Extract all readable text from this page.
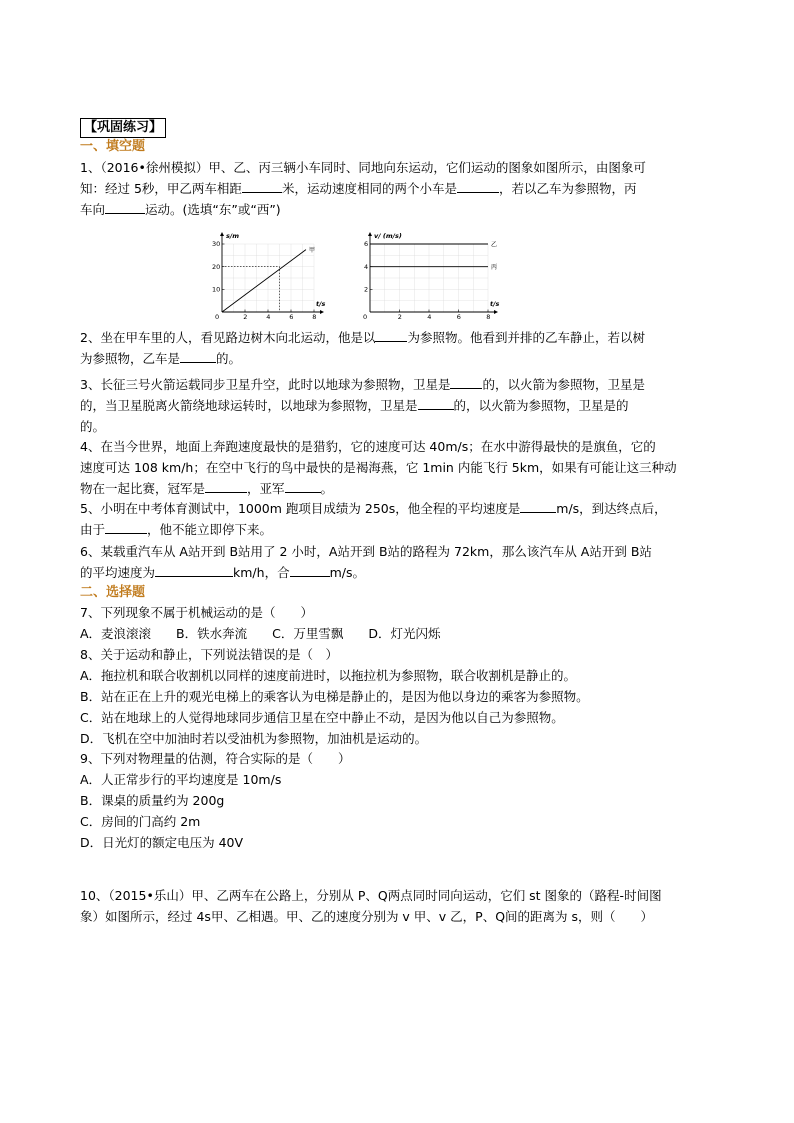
【巩固练习】
一、填空题
1、（2016•徐州模拟）甲、乙、丙三辆小车同时、同地向东运动，它们运动的图象如图所示，由图象可
知：经过 5秒，甲乙两车相距	米，运动速度相同的两个小车是	，若以乙车为参照物，丙
车向	运动。(选填“东”或“西”)
s/m
t/s
0	2	4	6	8
10
20
30
甲
v/ (m/s)
t/s
0	2	4	6	8
2
4
6	乙
丙
2、坐在甲车里的人，看见路边树木向北运动，他是以	为参照物。他看到并排的乙车静止，若以树
为参照物，乙车是	的。
3、长征三号火箭运载同步卫星升空，此时以地球为参照物，卫星是	的，以火箭为参照物，卫星是
的，当卫星脱离火箭绕地球运转时，以地球为参照物，卫星是	的，以火箭为参照物，卫星是的
的。
4、在当今世界，地面上奔跑速度最快的是猎豹，它的速度可达 40m/s；在水中游得最快的是旗鱼，它的
速度可达 108 km/h；在空中飞行的鸟中最快的是褐海燕，它 1min 内能飞行 5km，如果有可能让这三种动
物在一起比赛，冠军是	，亚军	。
5、小明在中考体育测试中，1000m 跑项目成绩为 250s，他全程的平均速度是	m/s，到达终点后，
由于	，他不能立即停下来。
6、某载重汽车从 A站开到 B站用了 2 小时，A站开到 B站的路程为 72km，那么该汽车从 A站开到 B站
的平均速度为	km/h，合	m/s。
二、选择题
7、下列现象不属于机械运动的是（　　）
A．麦浪滚滚　　B．铁水奔流　　C．万里雪飘　　D．灯光闪烁
8、关于运动和静止，下列说法错误的是（　）
A．拖拉机和联合收割机以同样的速度前进时，以拖拉机为参照物，联合收割机是静止的。
B．站在正在上升的观光电梯上的乘客认为电梯是静止的，是因为他以身边的乘客为参照物。
C．站在地球上的人觉得地球同步通信卫星在空中静止不动，是因为他以自己为参照物。
D．飞机在空中加油时若以受油机为参照物，加油机是运动的。
9、下列对物理量的估测，符合实际的是（　　）
A．人正常步行的平均速度是 10m/s
B．课桌的质量约为 200g
C．房间的门高约 2m
D．日光灯的额定电压为 40V
10、（2015•乐山）甲、乙两车在公路上，分别从 P、Q两点同时同向运动，它们 st 图象的（路程-时间图
象）如图所示，经过 4s甲、乙相遇。甲、乙的速度分别为 v 甲、v 乙，P、Q间的距离为 s，则（　　）
